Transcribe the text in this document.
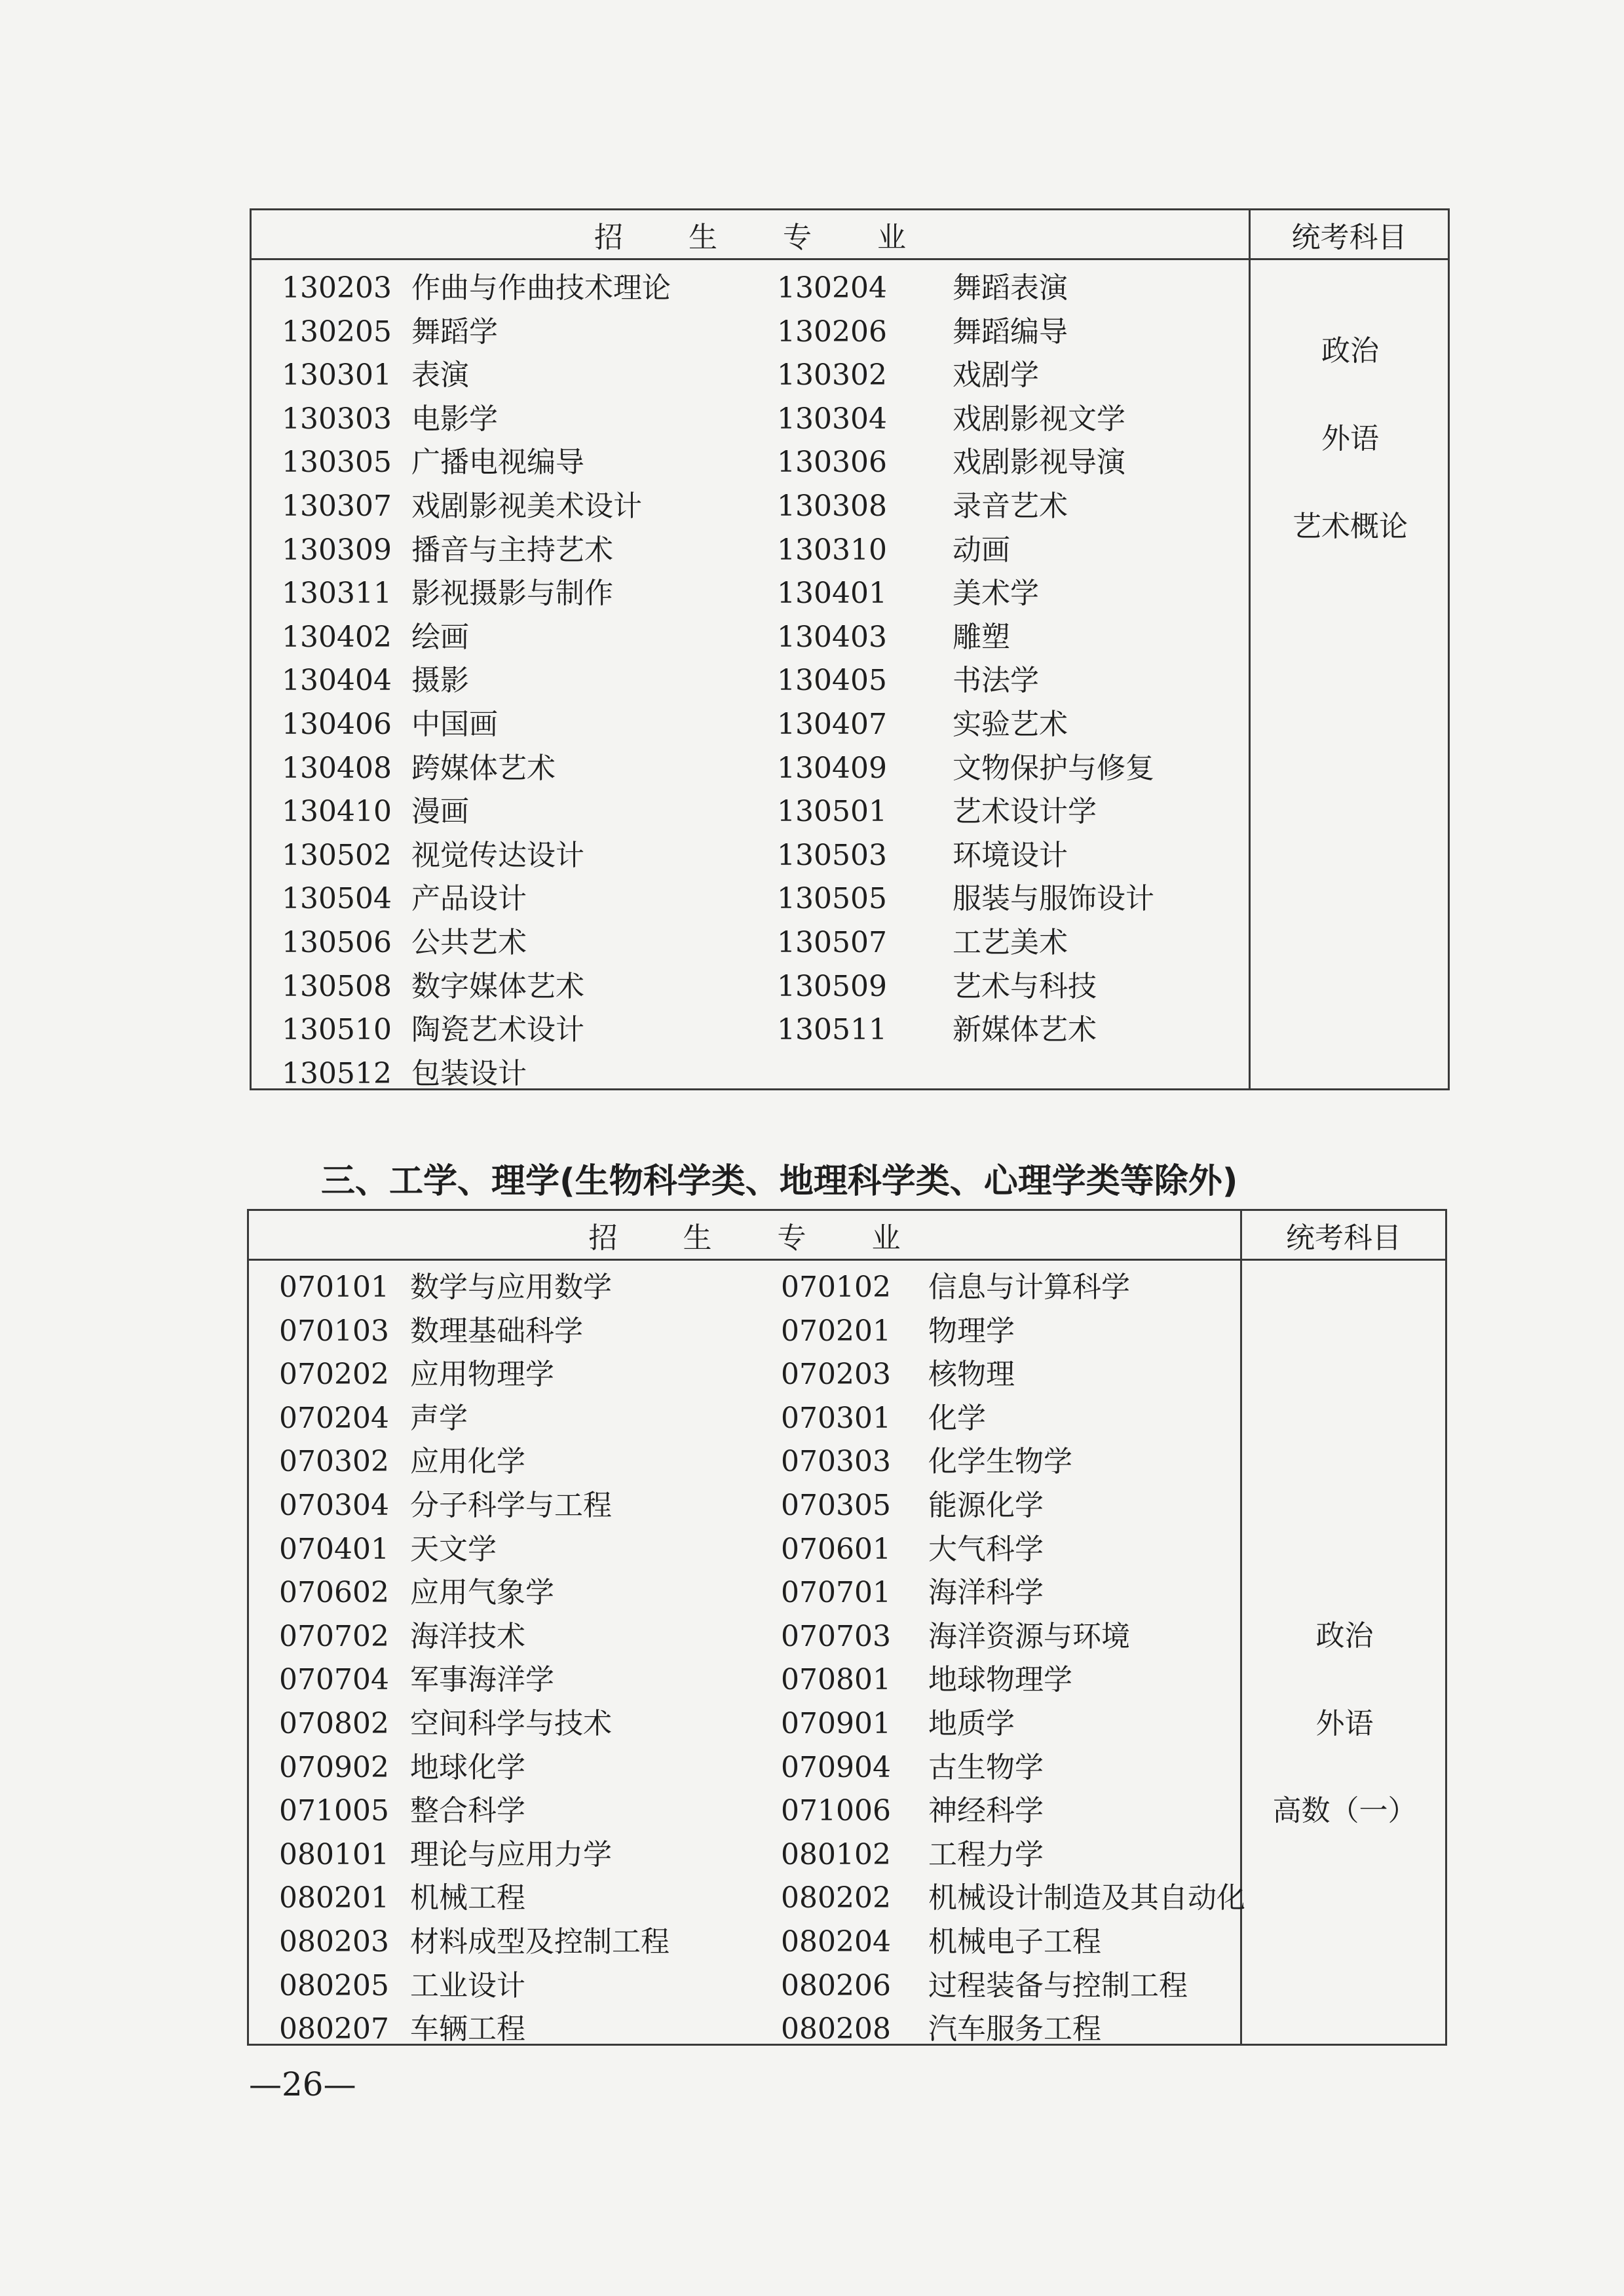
招生专业	统考科目
130203 作曲与作曲技术理论	130204 舞蹈表演
130205 舞蹈学	130206 舞蹈编导
130301 表演	130302 戏剧学
130303 电影学	130304 戏剧影视文学
130305 广播电视编导	130306 戏剧影视导演
130307 戏剧影视美术设计	130308 录音艺术
130309 播音与主持艺术	130310 动画
130311 影视摄影与制作	130401 美术学
130402 绘画	130403 雕塑
130404 摄影	130405 书法学
130406 中国画	130407 实验艺术
130408 跨媒体艺术	130409 文物保护与修复
130410 漫画	130501 艺术设计学
130502 视觉传达设计	130503 环境设计
130504 产品设计	130505 服装与服饰设计
130506 公共艺术	130507 工艺美术
130508 数字媒体艺术	130509 艺术与科技
130510 陶瓷艺术设计	130511 新媒体艺术
130512 包装设计
政治
外语
艺术概论
三、工学、理学(生物科学类、地理科学类、心理学类等除外)
招生专业	统考科目
070101 数学与应用数学	070102 信息与计算科学
070103 数理基础科学	070201 物理学
070202 应用物理学	070203 核物理
070204 声学	070301 化学
070302 应用化学	070303 化学生物学
070304 分子科学与工程	070305 能源化学
070401 天文学	070601 大气科学
070602 应用气象学	070701 海洋科学
070702 海洋技术	070703 海洋资源与环境
070704 军事海洋学	070801 地球物理学
070802 空间科学与技术	070901 地质学
070902 地球化学	070904 古生物学
071005 整合科学	071006 神经科学
080101 理论与应用力学	080102 工程力学
080201 机械工程	080202 机械设计制造及其自动化
080203 材料成型及控制工程	080204 机械电子工程
080205 工业设计	080206 过程装备与控制工程
080207 车辆工程	080208 汽车服务工程
政治
外语
高数（一）
—26—
